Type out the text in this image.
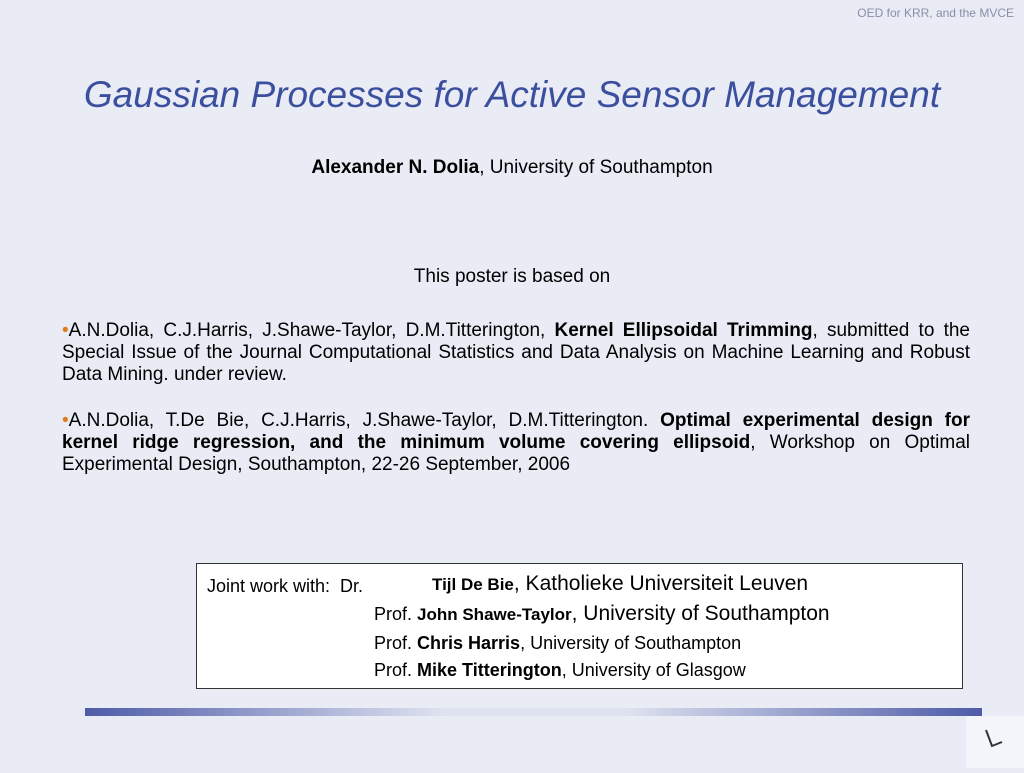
OED for KRR, and the MVCE
Gaussian Processes for Active Sensor Management
Alexander N. Dolia, University of Southampton
This poster is based on

•A.N.Dolia, C.J.Harris, J.Shawe-Taylor, D.M.Titterington, Kernel Ellipsoidal Trimming, submitted to the Special Issue of the Journal Computational Statistics and Data Analysis on Machine Learning and Robust Data Mining. under review.

•A.N.Dolia, T.De Bie, C.J.Harris, J.Shawe-Taylor, D.M.Titterington. Optimal experimental design for kernel ridge regression, and the minimum volume covering ellipsoid, Workshop on Optimal Experimental Design, Southampton, 22-26 September, 2006

Joint work with: Dr.	Tijl De Bie, Katholieke Universiteit Leuven
Prof. John Shawe-Taylor, University of Southampton
Prof. Chris Harris, University of Southampton
Prof. Mike Titterington, University of Glasgow
